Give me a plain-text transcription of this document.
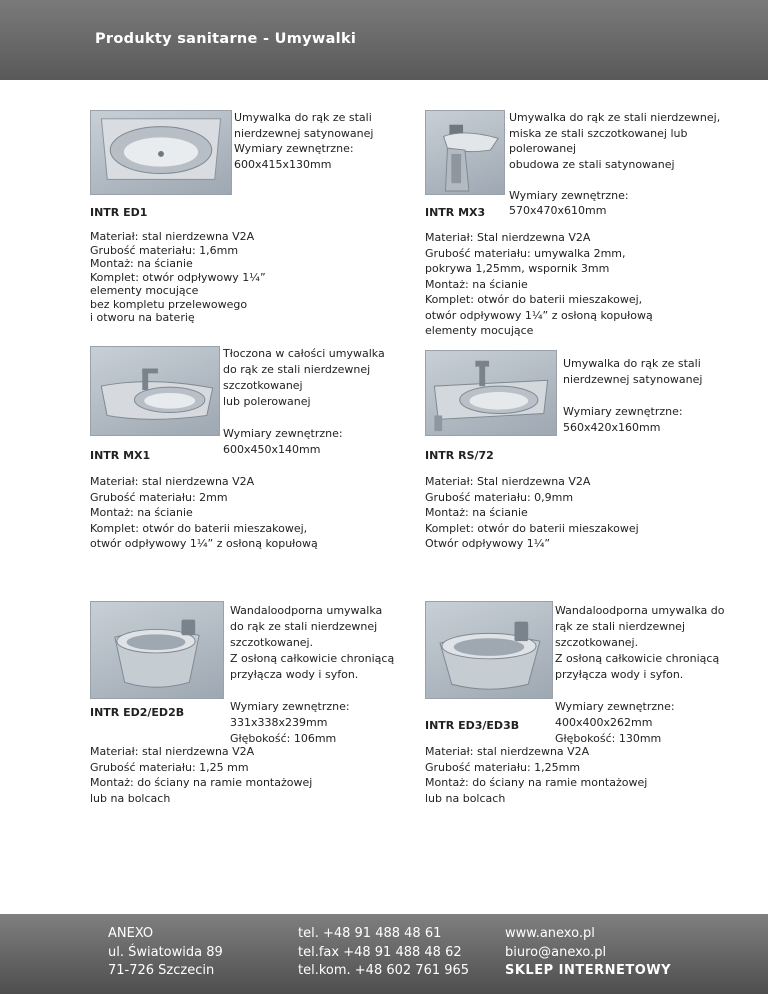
Produkty sanitarne - Umywalki
Umywalka do rąk ze stali
nierdzewnej satynowanej
Wymiary zewnętrzne:
600x415x130mm
INTR ED1
Materiał: stal nierdzewna V2A
Grubość materiału: 1,6mm
Montaż: na ścianie
Komplet: otwór odpływowy 1¼”
elementy mocujące
bez kompletu przelewowego
i otworu na baterię
Umywalka do rąk ze stali nierdzewnej,
miska ze stali szczotkowanej lub
polerowanej
obudowa ze stali satynowanej
Wymiary zewnętrzne:
570x470x610mm
INTR MX3
Materiał: Stal nierdzewna V2A
Grubość materiału: umywalka 2mm,
pokrywa 1,25mm, wspornik 3mm
Montaż: na ścianie
Komplet: otwór do baterii mieszakowej,
otwór odpływowy 1¼” z osłoną kopułową
elementy mocujące
Tłoczona w całości umywalka
do rąk ze stali nierdzewnej
szczotkowanej
lub polerowanej
Wymiary zewnętrzne:
600x450x140mm
INTR MX1
Materiał: stal nierdzewna V2A
Grubość materiału: 2mm
Montaż: na ścianie
Komplet: otwór do baterii mieszakowej,
otwór odpływowy 1¼” z osłoną kopułową
Umywalka do rąk ze stali
nierdzewnej satynowanej
Wymiary zewnętrzne:
560x420x160mm
INTR RS/72
Materiał: Stal nierdzewna V2A
Grubość materiału: 0,9mm
Montaż: na ścianie
Komplet: otwór do baterii mieszakowej
Otwór odpływowy 1¼”
Wandaloodporna umywalka
do rąk ze stali nierdzewnej
szczotkowanej.
Z osłoną całkowicie chroniącą
przyłącza wody i syfon.
Wymiary zewnętrzne:
331x338x239mm
Głębokość: 106mm
INTR ED2/ED2B
Materiał: stal nierdzewna V2A
Grubość materiału: 1,25 mm
Montaż: do ściany na ramie montażowej
lub na bolcach
Wandaloodporna umywalka do
rąk ze stali nierdzewnej
szczotkowanej.
Z osłoną całkowicie chroniącą
przyłącza wody i syfon.
Wymiary zewnętrzne:
400x400x262mm
Głębokość: 130mm
INTR ED3/ED3B
Materiał: stal nierdzewna V2A
Grubość materiału: 1,25mm
Montaż: do ściany na ramie montażowej
lub na bolcach
ANEXO
ul. Światowida 89
71-726 Szczecin
tel. +48 91 488 48 61
tel.fax +48 91 488 48 62
tel.kom. +48 602 761 965
www.anexo.pl
biuro@anexo.pl
SKLEP INTERNETOWY
